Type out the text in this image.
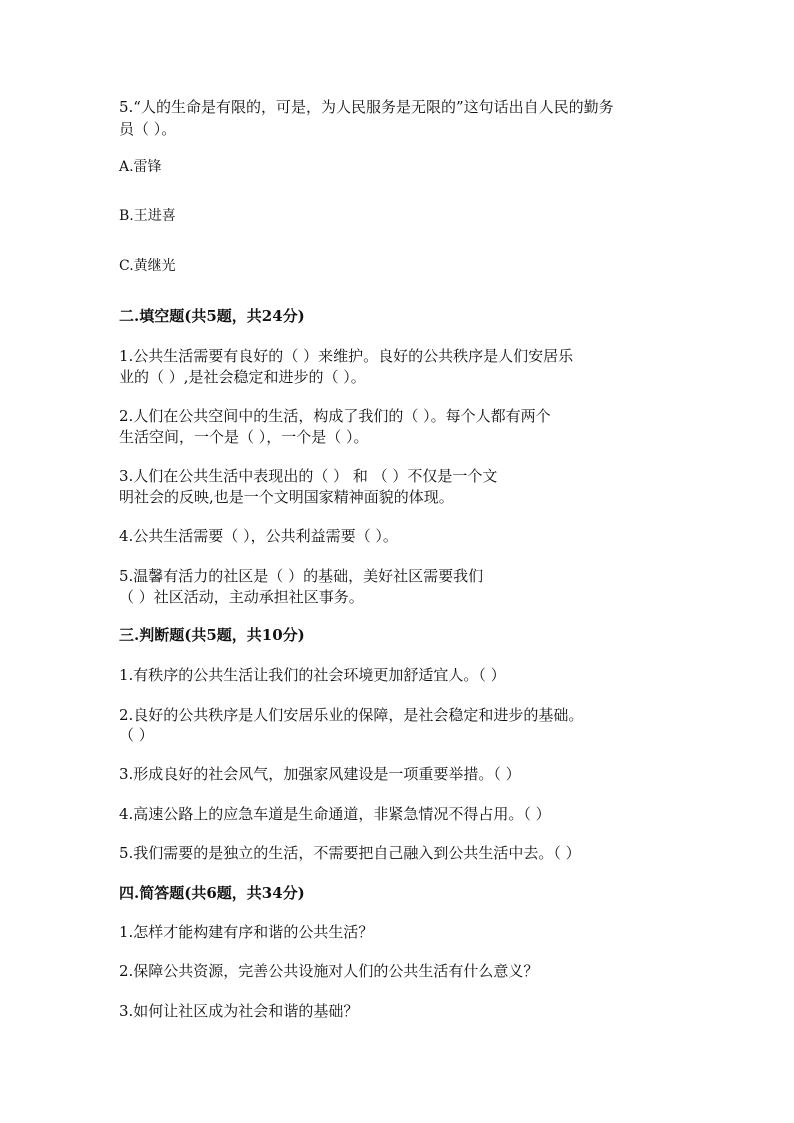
5.“人的生命是有限的，可是，为人民服务是无限的”这句话出自人民的勤务
员（ ）。
A.雷锋
B.王进喜
C.黄继光
二.填空题(共5题，共24分)
1.公共生活需要有良好的（ ）来维护。良好的公共秩序是人们安居乐
业的（ ）,是社会稳定和进步的（ ）。
2.人们在公共空间中的生活，构成了我们的（ ）。每个人都有两个
生活空间，一个是（ ），一个是（ ）。
3.人们在公共生活中表现出的（ ） 和 （ ）不仅是一个文
明社会的反映,也是一个文明国家精神面貌的体现。
4.公共生活需要（ ），公共利益需要（ ）。
5.温馨有活力的社区是（ ）的基础，美好社区需要我们
（ ）社区活动，主动承担社区事务。
三.判断题(共5题，共10分)
1.有秩序的公共生活让我们的社会环境更加舒适宜人。（ ）
2.良好的公共秩序是人们安居乐业的保障，是社会稳定和进步的基础。
（ ）
3.形成良好的社会风气，加强家风建设是一项重要举措。（ ）
4.高速公路上的应急车道是生命通道，非紧急情况不得占用。（ ）
5.我们需要的是独立的生活，不需要把自己融入到公共生活中去。（ ）
四.简答题(共6题，共34分)
1.怎样才能构建有序和谐的公共生活？
2.保障公共资源，完善公共设施对人们的公共生活有什么意义？
3.如何让社区成为社会和谐的基础？
